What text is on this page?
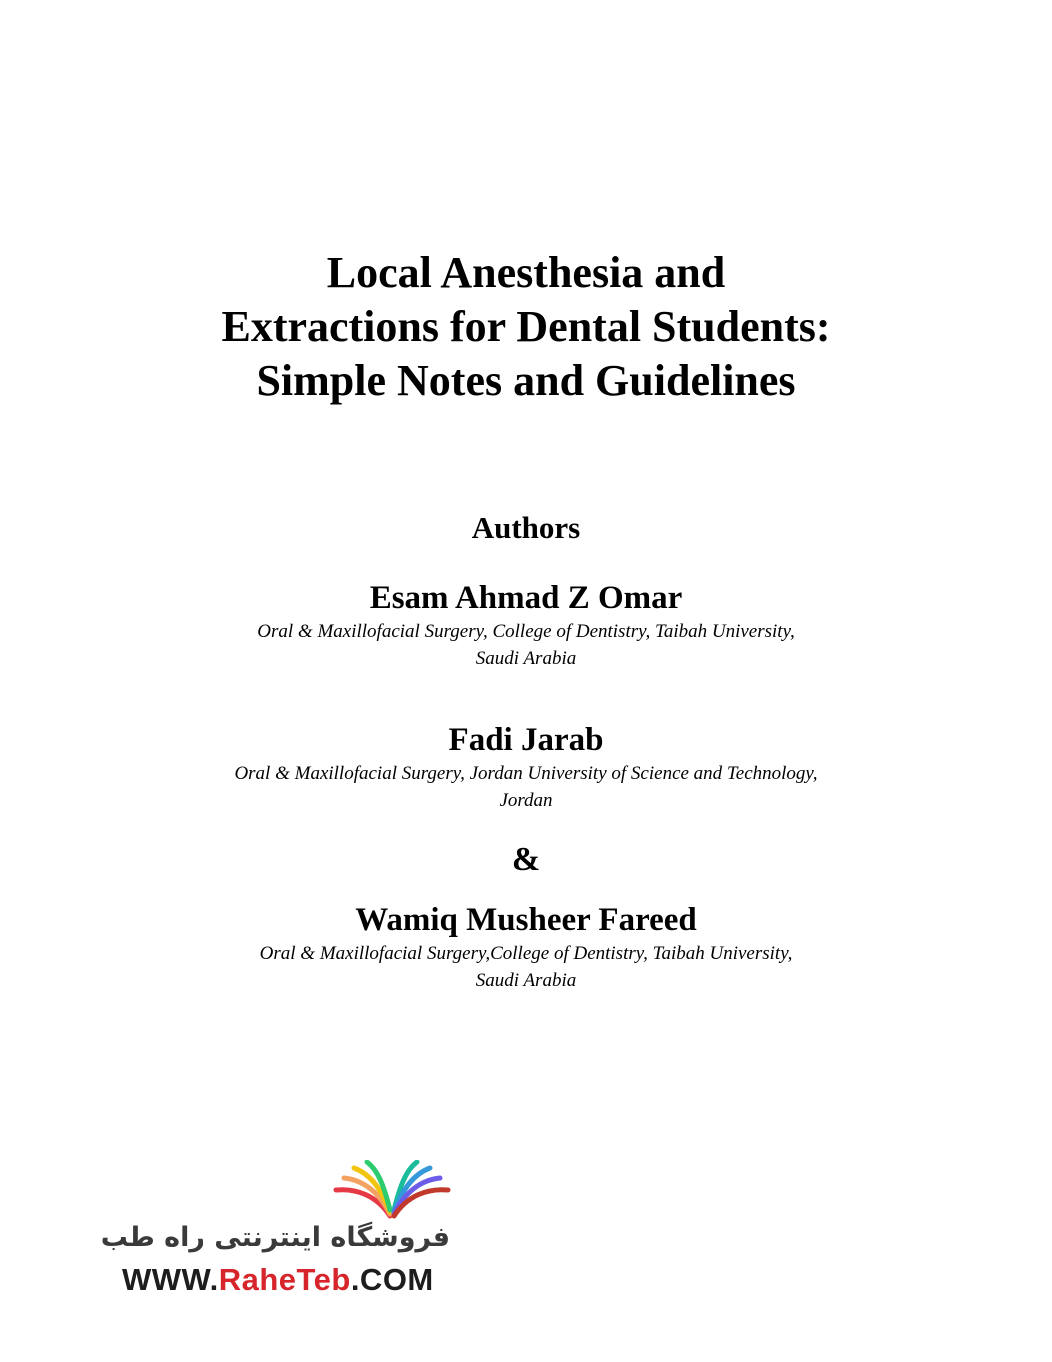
Local Anesthesia and
Extractions for Dental Students:
Simple Notes and Guidelines
Authors
Esam Ahmad Z Omar
Oral & Maxillofacial Surgery, College of Dentistry, Taibah University,
Saudi Arabia
Fadi Jarab
Oral & Maxillofacial Surgery, Jordan University of Science and Technology,
Jordan
&
Wamiq Musheer Fareed
Oral & Maxillofacial Surgery,College of Dentistry, Taibah University,
Saudi Arabia
فروشگاه اینترنتی راه طب
WWW.RaheTeb.COM
